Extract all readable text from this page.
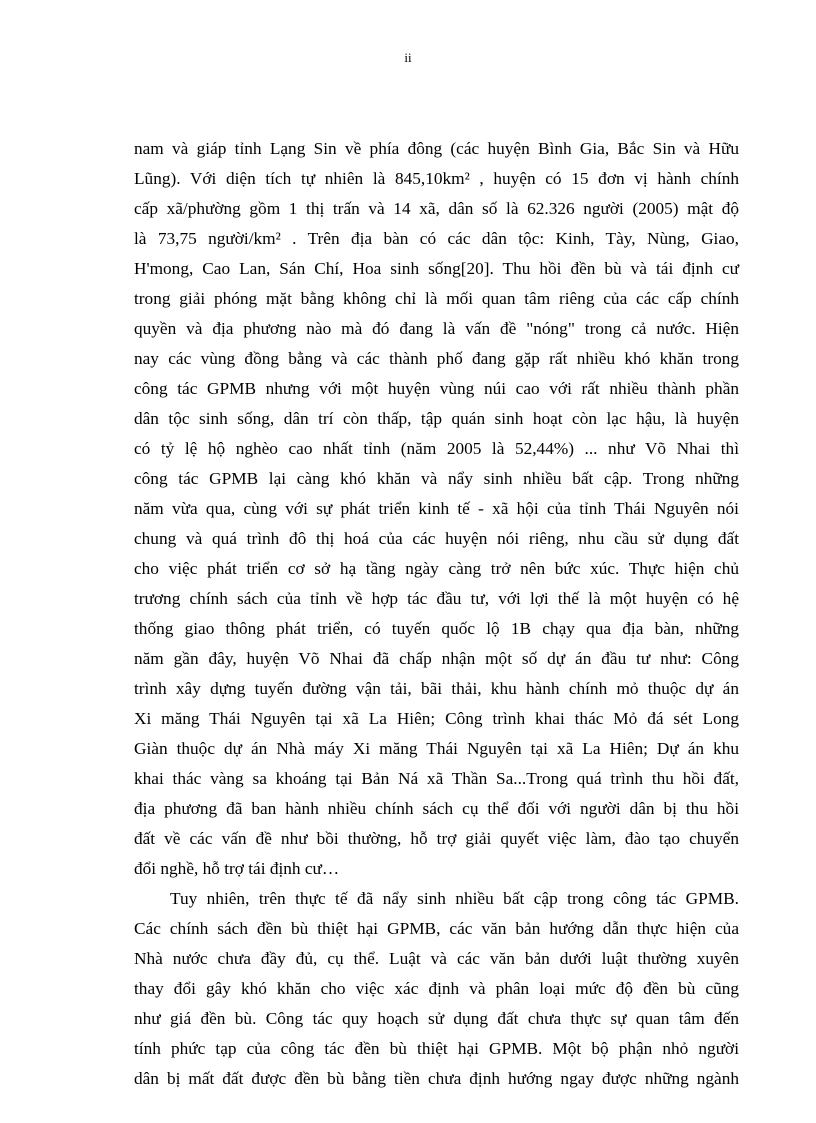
ii
nam và giáp tỉnh Lạng Sin về phía đông (các huyện Bình Gia, Bắc Sin và Hữu
Lũng). Với diện tích tự nhiên là 845,10km² , huyện có 15 đơn vị hành chính
cấp xã/phường gồm 1 thị trấn và 14 xã, dân số là 62.326 người (2005) mật độ
là 73,75 người/km² . Trên địa bàn có các dân tộc: Kinh, Tày, Nùng, Giao,
H'mong, Cao Lan, Sán Chí, Hoa sinh sống[20]. Thu hồi đền bù và tái định cư
trong giải phóng mặt bằng không chỉ là mối quan tâm riêng của các cấp chính
quyền và địa phương nào mà đó đang là vấn đề "nóng" trong cả nước. Hiện
nay các vùng đồng bằng và các thành phố đang gặp rất nhiều khó khăn trong
công tác GPMB nhưng với một huyện vùng núi cao với rất nhiều thành phần
dân tộc sinh sống, dân trí còn thấp, tập quán sinh hoạt còn lạc hậu, là huyện
có tỷ lệ hộ nghèo cao nhất tỉnh (năm 2005 là 52,44%) ... như Võ Nhai thì
công tác GPMB lại càng khó khăn và nẩy sinh nhiều bất cập. Trong những
năm vừa qua, cùng với sự phát triển kinh tế - xã hội của tỉnh Thái Nguyên nói
chung và quá trình đô thị hoá của các huyện nói riêng, nhu cầu sử dụng đất
cho việc phát triển cơ sở hạ tầng ngày càng trở nên bức xúc. Thực hiện chủ
trương chính sách của tỉnh về hợp tác đầu tư, với lợi thế là một huyện có hệ
thống giao thông phát triển, có tuyến quốc lộ 1B chạy qua địa bàn, những
năm gần đây, huyện Võ Nhai đã chấp nhận một số dự án đầu tư như: Công
trình xây dựng tuyến đường vận tải, bãi thải, khu hành chính mỏ thuộc dự án
Xi măng Thái Nguyên tại xã La Hiên; Công trình khai thác Mỏ đá sét Long
Giàn thuộc dự án Nhà máy Xi măng Thái Nguyên tại xã La Hiên; Dự án khu
khai thác vàng sa khoáng tại Bản Ná xã Thần Sa...Trong quá trình thu hồi đất,
địa phương đã ban hành nhiều chính sách cụ thể đối với người dân bị thu hồi
đất về các vấn đề như bồi thường, hỗ trợ giải quyết việc làm, đào tạo chuyển
đổi nghề, hỗ trợ tái định cư…
Tuy nhiên, trên thực tế đã nẩy sinh nhiều bất cập trong công tác GPMB.
Các chính sách đền bù thiệt hại GPMB, các văn bản hướng dẫn thực hiện của
Nhà nước chưa đầy đủ, cụ thể. Luật và các văn bản dưới luật thường xuyên
thay đổi gây khó khăn cho việc xác định và phân loại mức độ đền bù cũng
như giá đền bù. Công tác quy hoạch sử dụng đất chưa thực sự quan tâm đến
tính phức tạp của công tác đền bù thiệt hại GPMB. Một bộ phận nhỏ người
dân bị mất đất được đền bù bằng tiền chưa định hướng ngay được những ngành
